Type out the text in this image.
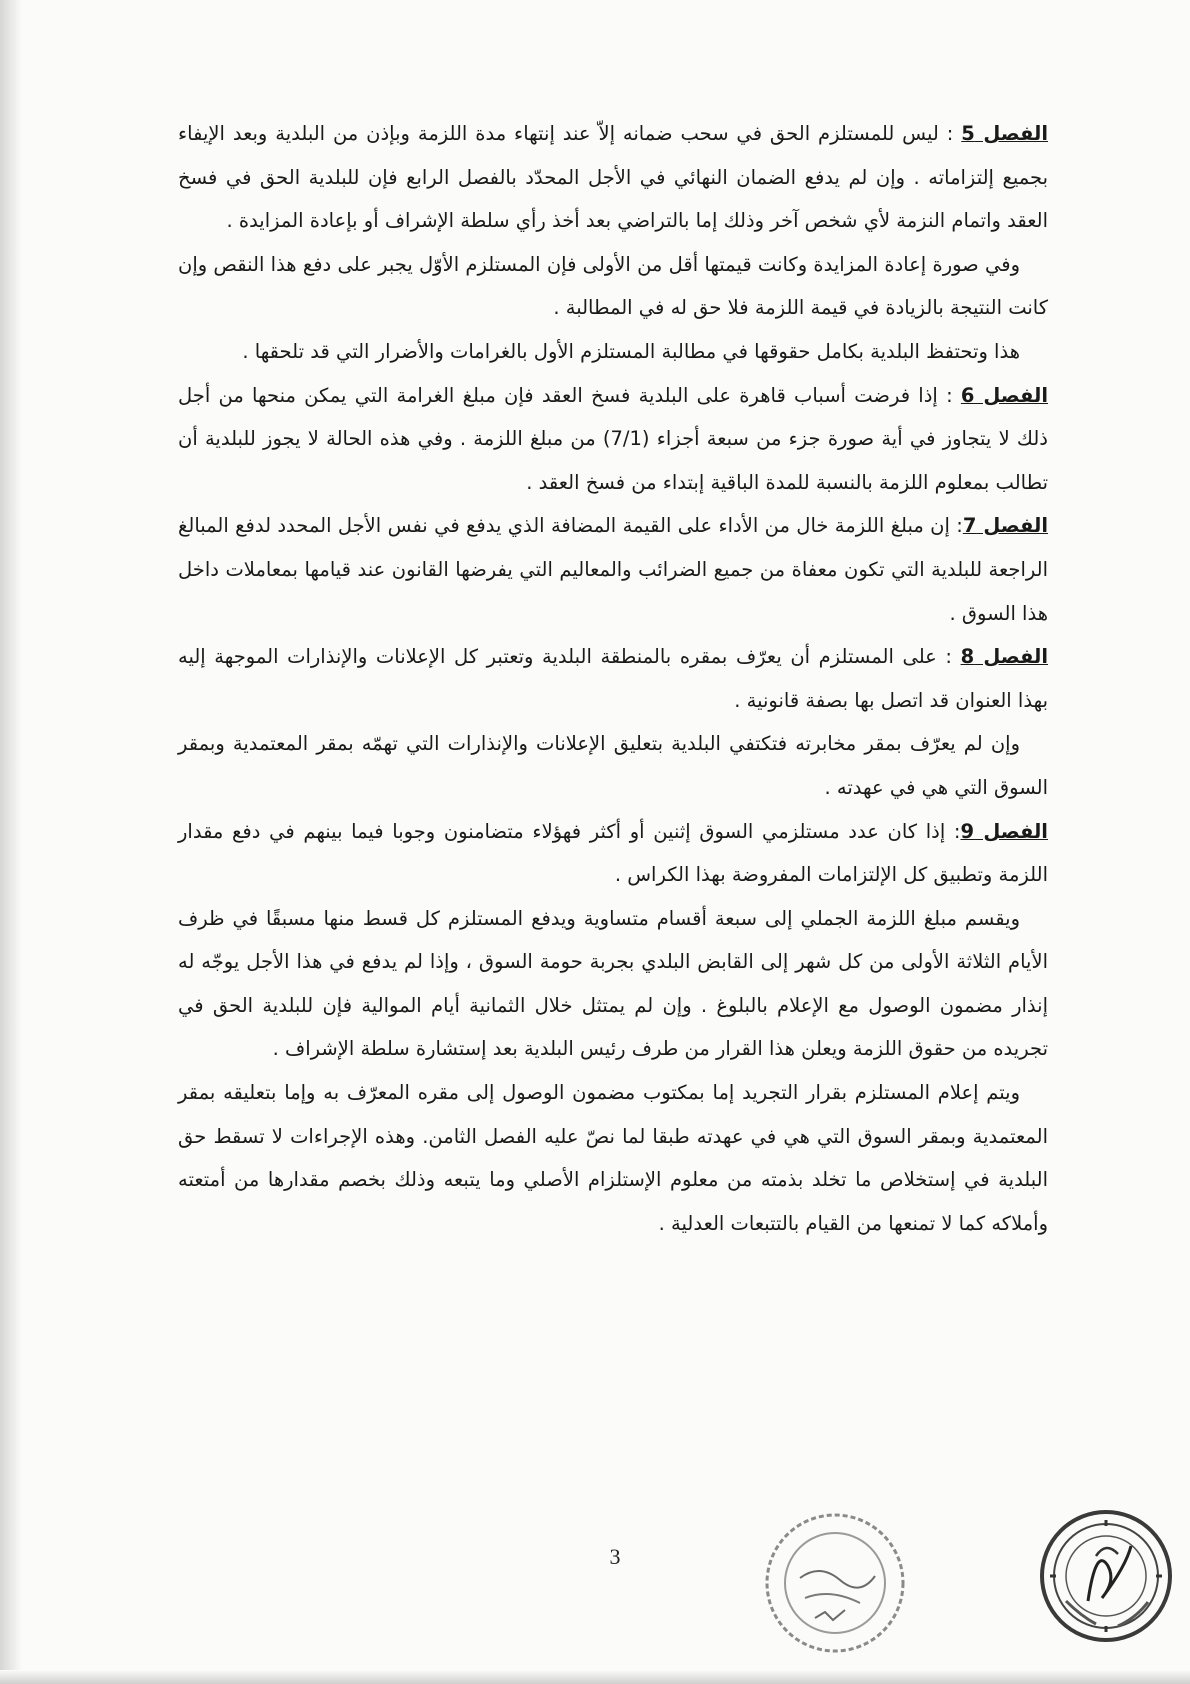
الفصل 5 : ليس للمستلزم الحق في سحب ضمانه إلاّ عند إنتهاء مدة اللزمة وبإذن من البلدية وبعد الإيفاء بجميع إلتزاماته . وإن لم يدفع الضمان النهائي في الأجل المحدّد بالفصل الرابع فإن للبلدية الحق في فسخ العقد واتمام النزمة لأي شخص آخر وذلك إما بالتراضي بعد أخذ رأي سلطة الإشراف أو بإعادة المزايدة .

وفي صورة إعادة المزايدة وكانت قيمتها أقل من الأولى فإن المستلزم الأوّل يجبر على دفع هذا النقص وإن كانت النتيجة بالزيادة في قيمة اللزمة فلا حق له في المطالبة .

هذا وتحتفظ البلدية بكامل حقوقها في مطالبة المستلزم الأول بالغرامات والأضرار التي قد تلحقها .

الفصل 6 : إذا فرضت أسباب قاهرة على البلدية فسخ العقد فإن مبلغ الغرامة التي يمكن منحها من أجل ذلك لا يتجاوز في أية صورة جزء من سبعة أجزاء (7/1) من مبلغ اللزمة . وفي هذه الحالة لا يجوز للبلدية أن تطالب بمعلوم اللزمة بالنسبة للمدة الباقية إبتداء من فسخ العقد .

الفصل 7: إن مبلغ اللزمة خال من الأداء على القيمة المضافة الذي يدفع في نفس الأجل المحدد لدفع المبالغ الراجعة للبلدية التي تكون معفاة من جميع الضرائب والمعاليم التي يفرضها القانون عند قيامها بمعاملات داخل هذا السوق .

الفصل 8 : على المستلزم أن يعرّف بمقره بالمنطقة البلدية وتعتبر كل الإعلانات والإنذارات الموجهة إليه بهذا العنوان قد اتصل بها بصفة قانونية .

وإن لم يعرّف بمقر مخابرته فتكتفي البلدية بتعليق الإعلانات والإنذارات التي تهمّه بمقر المعتمدية وبمقر السوق التي هي في عهدته .

الفصل 9: إذا كان عدد مستلزمي السوق إثنين أو أكثر فهؤلاء متضامنون وجوبا فيما بينهم في دفع مقدار اللزمة وتطبيق كل الإلتزامات المفروضة بهذا الكراس .

ويقسم مبلغ اللزمة الجملي إلى سبعة أقسام متساوية ويدفع المستلزم كل قسط منها مسبقًا في ظرف الأيام الثلاثة الأولى من كل شهر إلى القابض البلدي بجربة حومة السوق ، وإذا لم يدفع في هذا الأجل يوجّه له إنذار مضمون الوصول مع الإعلام بالبلوغ . وإن لم يمتثل خلال الثمانية أيام الموالية فإن للبلدية الحق في تجريده من حقوق اللزمة ويعلن هذا القرار من طرف رئيس البلدية بعد إستشارة سلطة الإشراف .

ويتم إعلام المستلزم بقرار التجريد إما بمكتوب مضمون الوصول إلى مقره المعرّف به وإما بتعليقه بمقر المعتمدية وبمقر السوق التي هي في عهدته طبقا لما نصّ عليه الفصل الثامن. وهذه الإجراءات لا تسقط حق البلدية في إستخلاص ما تخلد بذمته من معلوم الإستلزام الأصلي وما يتبعه وذلك بخصم مقدارها من أمتعته وأملاكه كما لا تمنعها من القيام بالتتبعات العدلية .

3
